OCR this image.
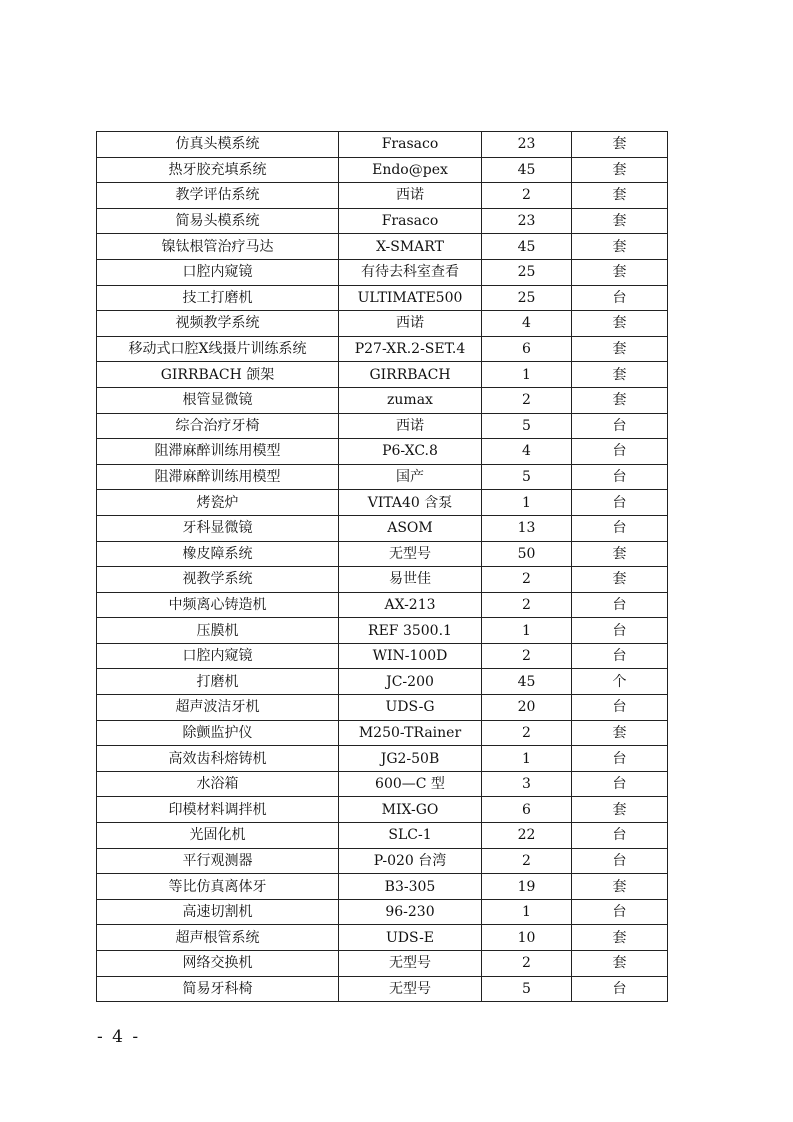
仿真头模系统	Frasaco	23	套
热牙胶充填系统	Endo@pex	45	套
教学评估系统	西诺	2	套
简易头模系统	Frasaco	23	套
镍钛根管治疗马达	X-SMART	45	套
口腔内窥镜	有待去科室查看	25	套
技工打磨机	ULTIMATE500	25	台
视频教学系统	西诺	4	套
移动式口腔X线摄片训练系统	P27-XR.2-SET.4	6	套
GIRRBACH 颌架	GIRRBACH	1	套
根管显微镜	zumax	2	套
综合治疗牙椅	西诺	5	台
阻滞麻醉训练用模型	P6-XC.8	4	台
阻滞麻醉训练用模型	国产	5	台
烤瓷炉	VITA40 含泵	1	台
牙科显微镜	ASOM	13	台
橡皮障系统	无型号	50	套
视教学系统	易世佳	2	套
中频离心铸造机	AX-213	2	台
压膜机	REF 3500.1	1	台
口腔内窥镜	WIN-100D	2	台
打磨机	JC-200	45	个
超声波洁牙机	UDS-G	20	台
除颤监护仪	M250-TRainer	2	套
高效齿科熔铸机	JG2-50B	1	台
水浴箱	600—C 型	3	台
印模材料调拌机	MIX-GO	6	套
光固化机	SLC-1	22	台
平行观测器	P-020 台湾	2	台
等比仿真离体牙	B3-305	19	套
高速切割机	96-230	1	台
超声根管系统	UDS-E	10	套
网络交换机	无型号	2	套
简易牙科椅	无型号	5	台
- 4 -
